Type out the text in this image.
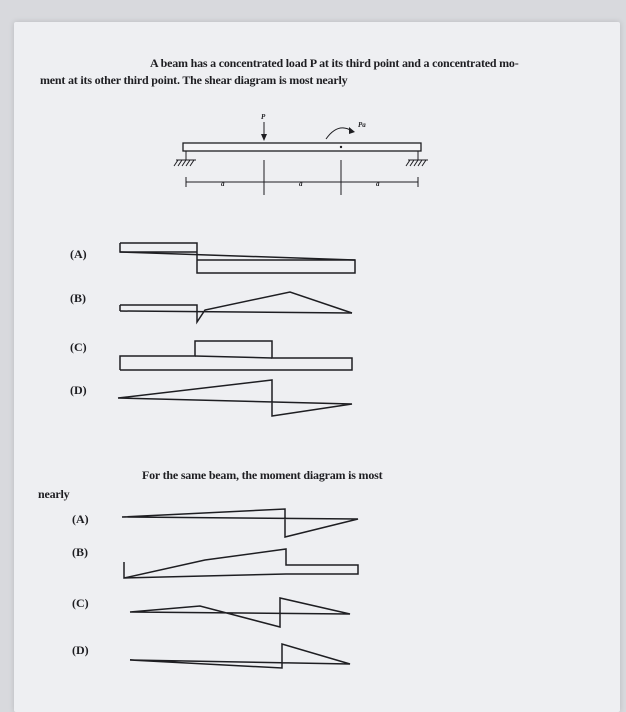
A beam has a concentrated load P at its third point and a concentrated mo-
ment at its other third point. The shear diagram is most nearly
(A)
(B)
(C)
(D)
For the same beam, the moment diagram is most
nearly
(A)
(B)
(C)
(D)
P
Pa
a	a	a
